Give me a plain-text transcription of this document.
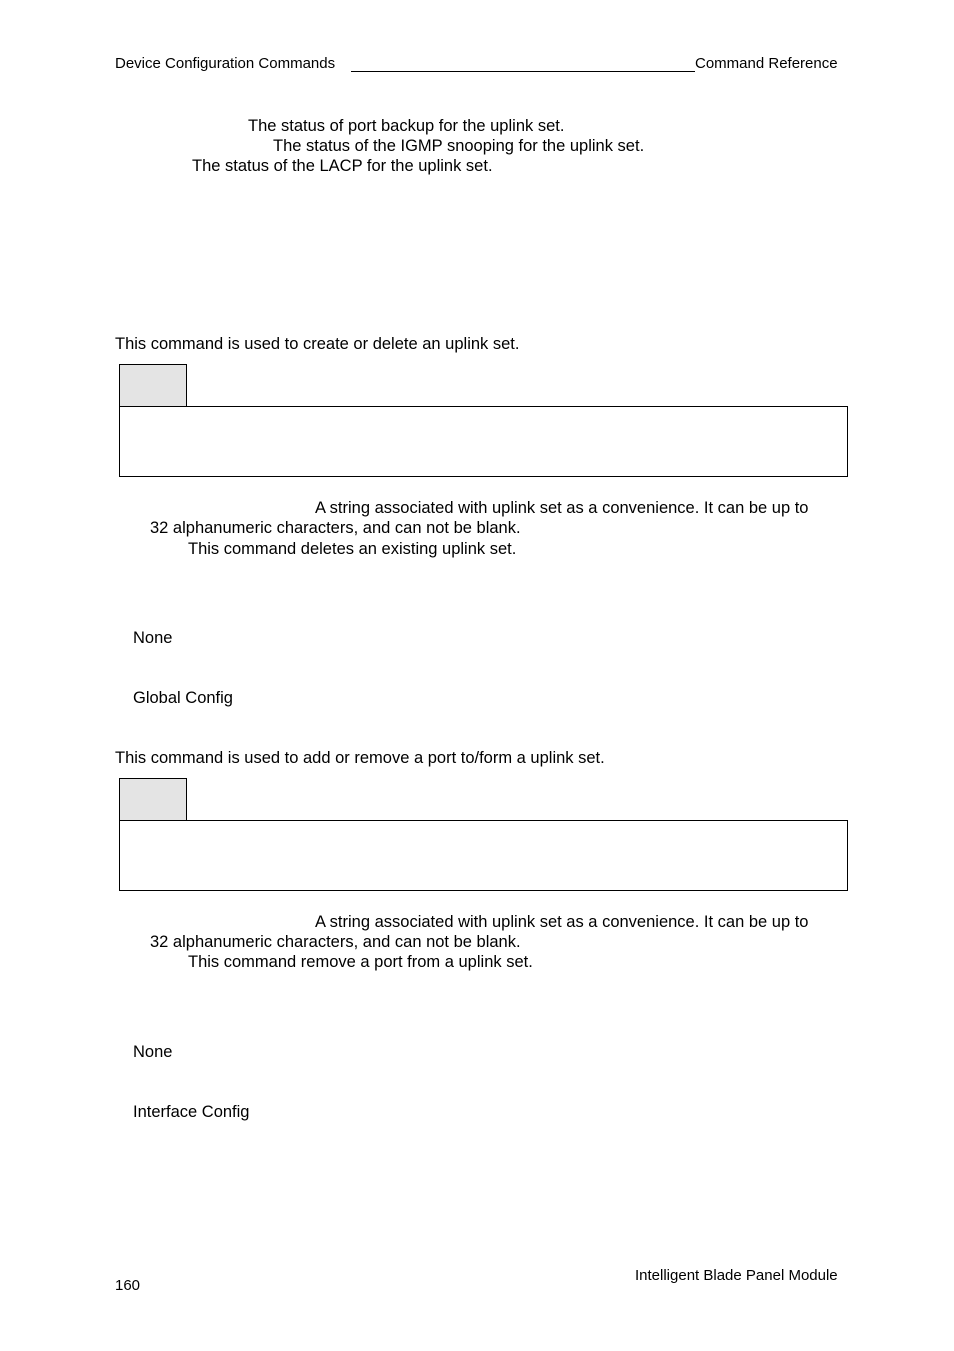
Device Configuration Commands	Command Reference
The status of port backup for the uplink set.
The status of the IGMP snooping for the uplink set.
The status of the LACP for the uplink set.
This command is used to create or delete an uplink set.
A string associated with uplink set as a convenience. It can be up to
32 alphanumeric characters, and can not be blank.
This command deletes an existing uplink set.
None
Global Config
This command is used to add or remove a port to/form a uplink set.
A string associated with uplink set as a convenience. It can be up to
32 alphanumeric characters, and can not be blank.
This command remove a port from a uplink set.
None
Interface Config
160
Intelligent Blade Panel Module
